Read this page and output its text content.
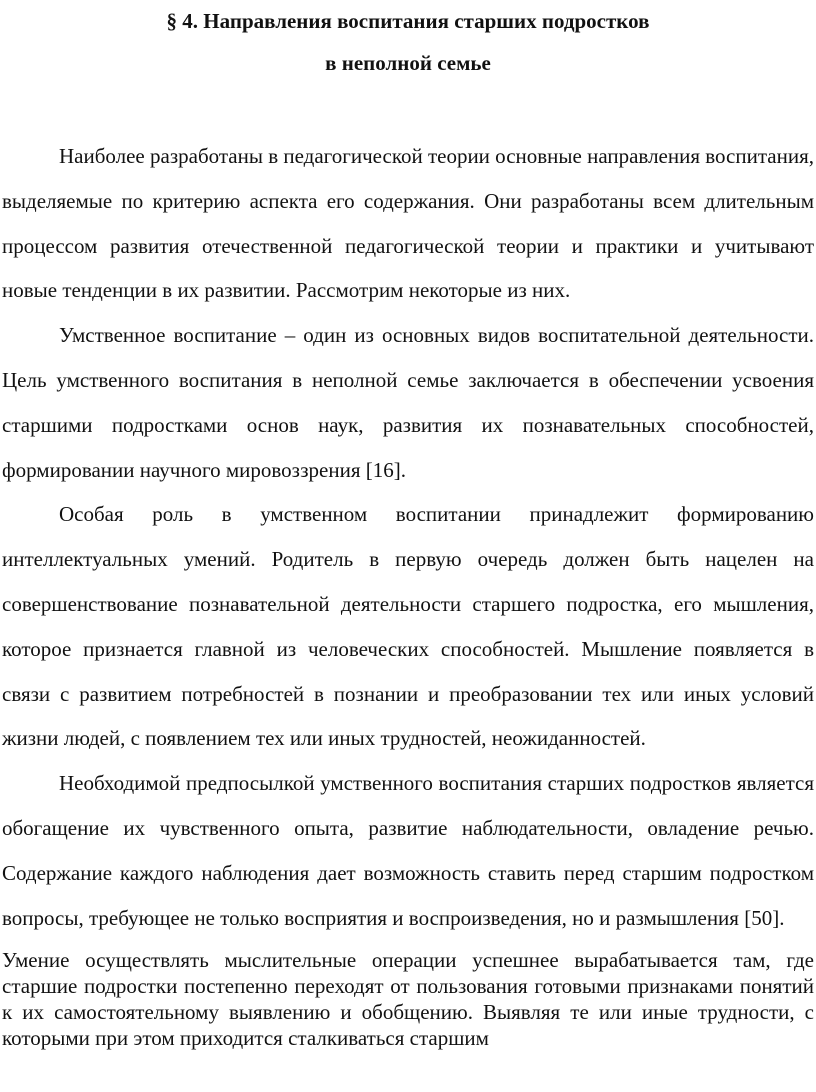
§ 4. Направления воспитания старших подростков

в неполной семье

Наиболее разработаны в педагогической теории основные направления воспитания, выделяемые по критерию аспекта его содержания. Они разработаны всем длительным процессом развития отечественной педагогической теории и практики и учитывают новые тенденции в их развитии. Рассмотрим некоторые из них.

Умственное воспитание – один из основных видов воспитательной деятельности. Цель умственного воспитания в неполной семье заключается в обеспечении усвоения старшими подростками основ наук, развития их познавательных способностей, формировании научного мировоззрения [16].

Особая роль в умственном воспитании принадлежит формированию интеллектуальных умений. Родитель в первую очередь должен быть нацелен на совершенствование познавательной деятельности старшего подростка, его мышления, которое признается главной из человеческих способностей. Мышление появляется в связи с развитием потребностей в познании и преобразовании тех или иных условий жизни людей, с появлением тех или иных трудностей, неожиданностей.

Необходимой предпосылкой умственного воспитания старших подростков является обогащение их чувственного опыта, развитие наблюдательности, овладение речью. Содержание каждого наблюдения дает возможность ставить перед старшим подростком вопросы, требующее не только восприятия и воспроизведения, но и размышления [50].

Умение осуществлять мыслительные операции успешнее вырабатывается там, где старшие подростки постепенно переходят от пользования готовыми признаками понятий к их самостоятельному выявлению и обобщению. Выявляя те или иные трудности, с которыми при этом приходится сталкиваться старшим
